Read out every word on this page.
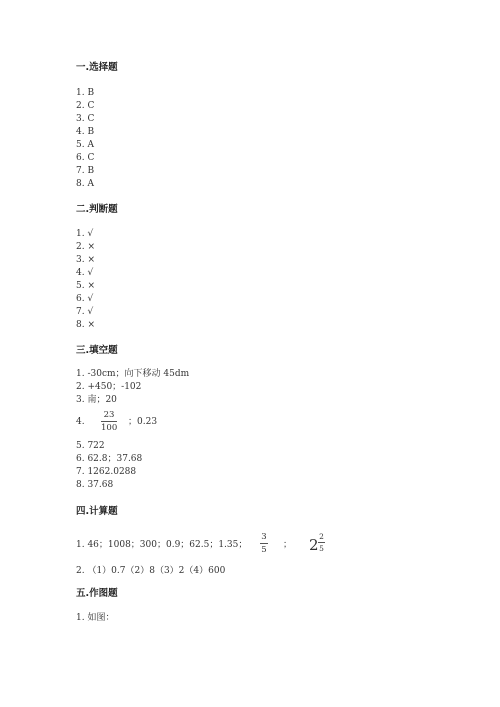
一.选择题
1. B
2. C
3. C
4. B
5. A
6. C
7. B
8. A
二.判断题
1. √
2. ×
3. ×
4. √
5. ×
6. √
7. √
8. ×
三.填空题
1. -30cm；向下移动 45dm
2. +450；-102
3. 南；20
4.
23
100
；0.23
5. 722
6. 62.8；37.68
7. 1262.0288
8. 37.68
四.计算题
1. 46；1008；300；0.9；62.5；1.35；
3
5 ； 2 2
5
2. （1）0.7（2）8（3）2（4）600
五.作图题
1. 如图：
